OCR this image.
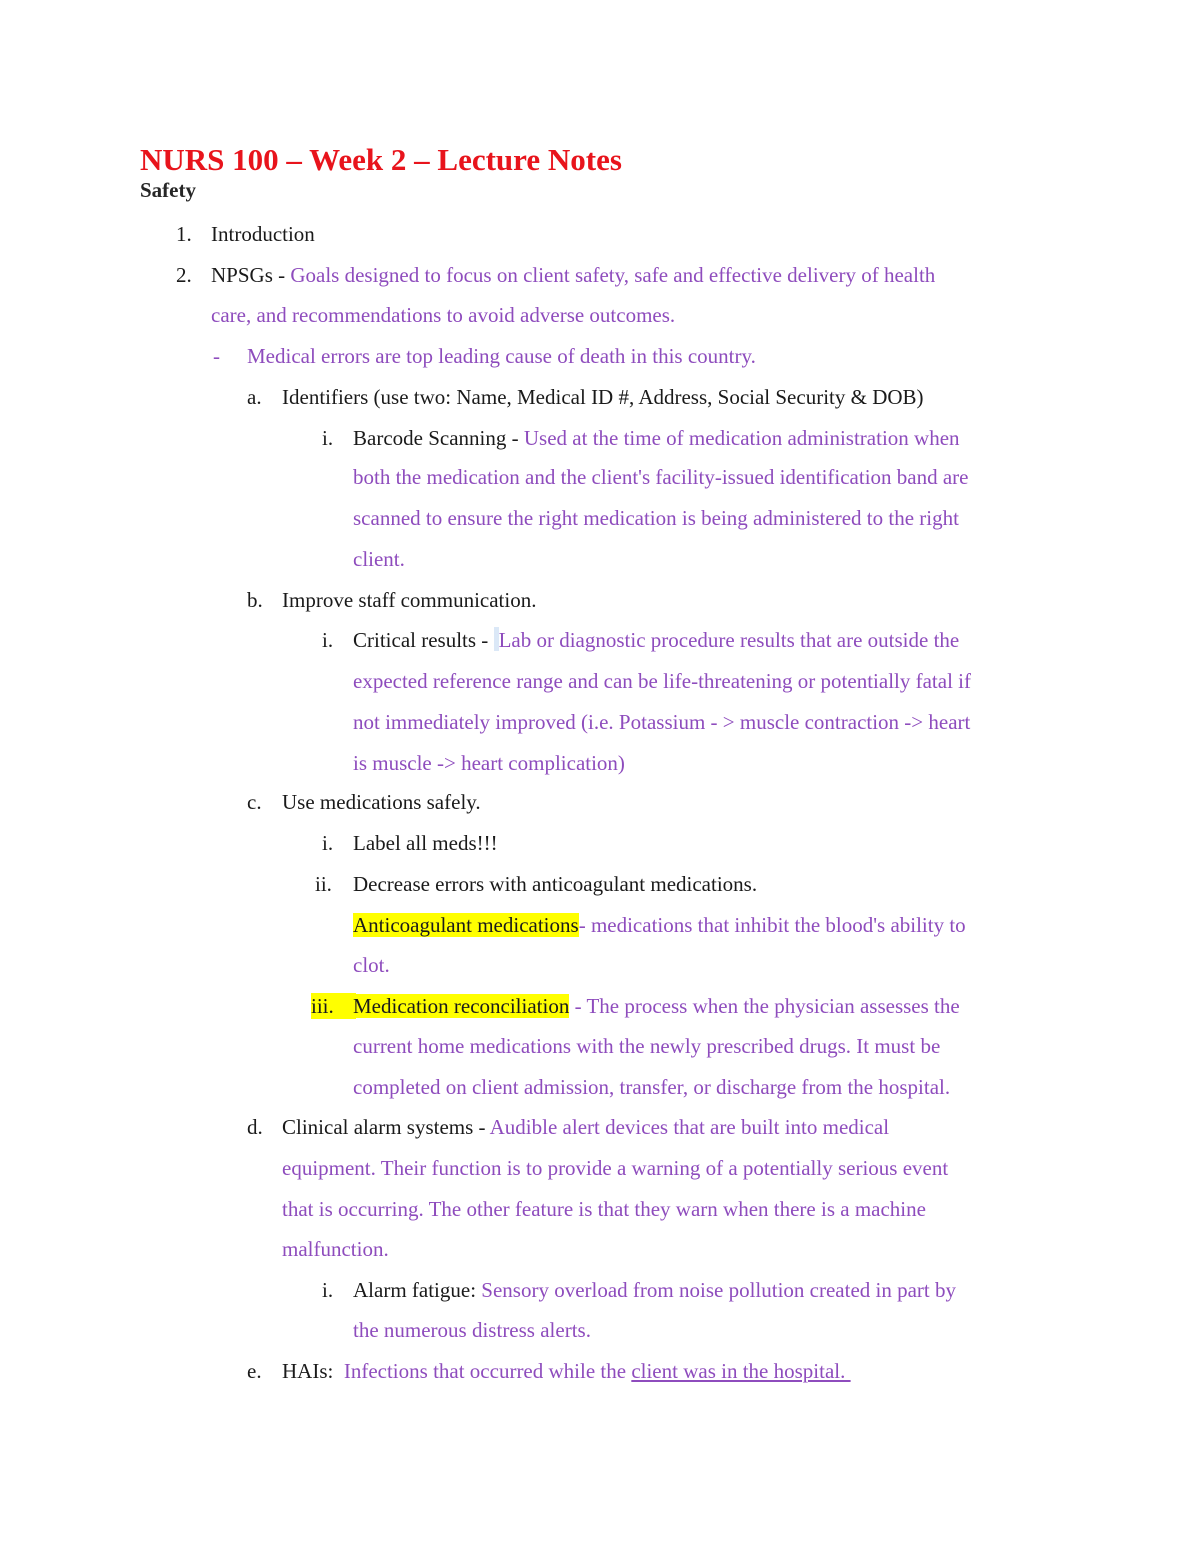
NURS 100 – Week 2 – Lecture Notes
Safety
1. Introduction
2. NPSGs - Goals designed to focus on client safety, safe and effective delivery of health
care, and recommendations to avoid adverse outcomes.
- Medical errors are top leading cause of death in this country.
a. Identifiers (use two: Name, Medical ID #, Address, Social Security & DOB)
i. Barcode Scanning - Used at the time of medication administration when
both the medication and the client's facility-issued identification band are
scanned to ensure the right medication is being administered to the right
client.
b. Improve staff communication.
i. Critical results - Lab or diagnostic procedure results that are outside the
expected reference range and can be life-threatening or potentially fatal if
not immediately improved (i.e. Potassium - > muscle contraction -> heart
is muscle -> heart complication)
c. Use medications safely.
i. Label all meds!!!
ii. Decrease errors with anticoagulant medications.
Anticoagulant medications- medications that inhibit the blood's ability to
clot.
iii. Medication reconciliation - The process when the physician assesses the
current home medications with the newly prescribed drugs. It must be
completed on client admission, transfer, or discharge from the hospital.
d. Clinical alarm systems - Audible alert devices that are built into medical
equipment. Their function is to provide a warning of a potentially serious event
that is occurring. The other feature is that they warn when there is a machine
malfunction.
i. Alarm fatigue: Sensory overload from noise pollution created in part by
the numerous distress alerts.
e. HAIs:  Infections that occurred while the client was in the hospital.
